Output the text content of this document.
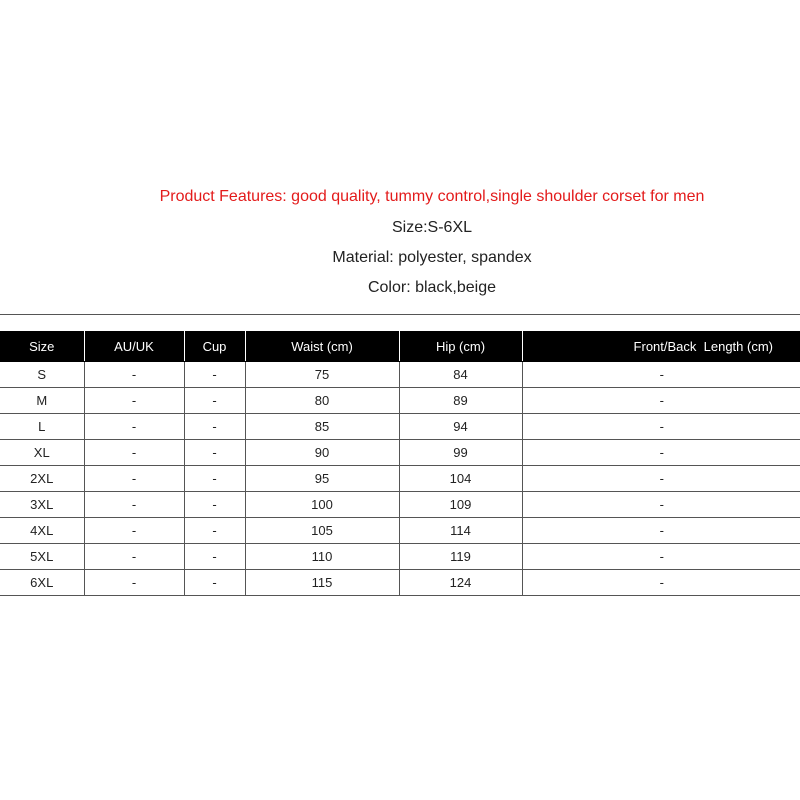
Product Features: good quality, tummy control,single shoulder corset for men
Size:S-6XL
Material: polyester, spandex
Color: black,beige
Size	AU/UK	Cup	Waist (cm)	Hip (cm)	Front/Back  Length (cm)
S	-	-	75	84	-
M	-	-	80	89	-
L	-	-	85	94	-
XL	-	-	90	99	-
2XL	-	-	95	104	-
3XL	-	-	100	109	-
4XL	-	-	105	114	-
5XL	-	-	110	119	-
6XL	-	-	115	124	-
